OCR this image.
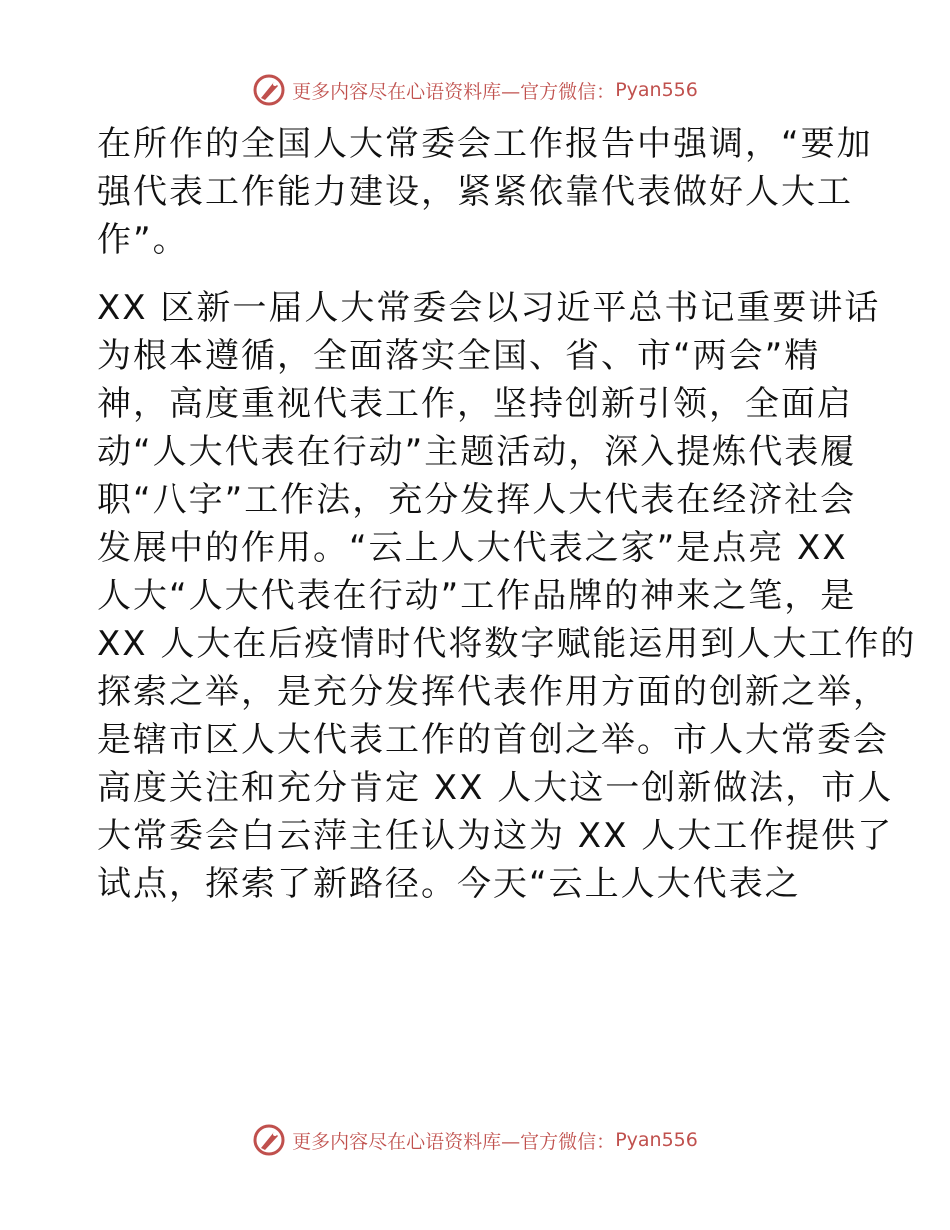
更多内容尽在心语资料库— 官方微信： Pyan556
在所作的全国人大常委会工作报告中强调，“要加
强代表工作能力建设，紧紧依靠代表做好人大工
作”。
XX 区新一届人大常委会以习近平总书记重要讲话
为根本遵循，全面落实全国、省、市“两会”精
神，高度重视代表工作，坚持创新引领，全面启
动“人大代表在行动”主题活动，深入提炼代表履
职“八字”工作法，充分发挥人大代表在经济社会
发展中的作用。“云上人大代表之家”是点亮 XX
人大“人大代表在行动”工作品牌的神来之笔，是
XX 人大在后疫情时代将数字赋能运用到人大工作的
探索之举，是充分发挥代表作用方面的创新之举，
是辖市区人大代表工作的首创之举。市人大常委会
高度关注和充分肯定 XX 人大这一创新做法，市人
大常委会白云萍主任认为这为 XX 人大工作提供了
试点，探索了新路径。今天“云上人大代表之
更多内容尽在心语资料库— 官方微信： Pyan556
